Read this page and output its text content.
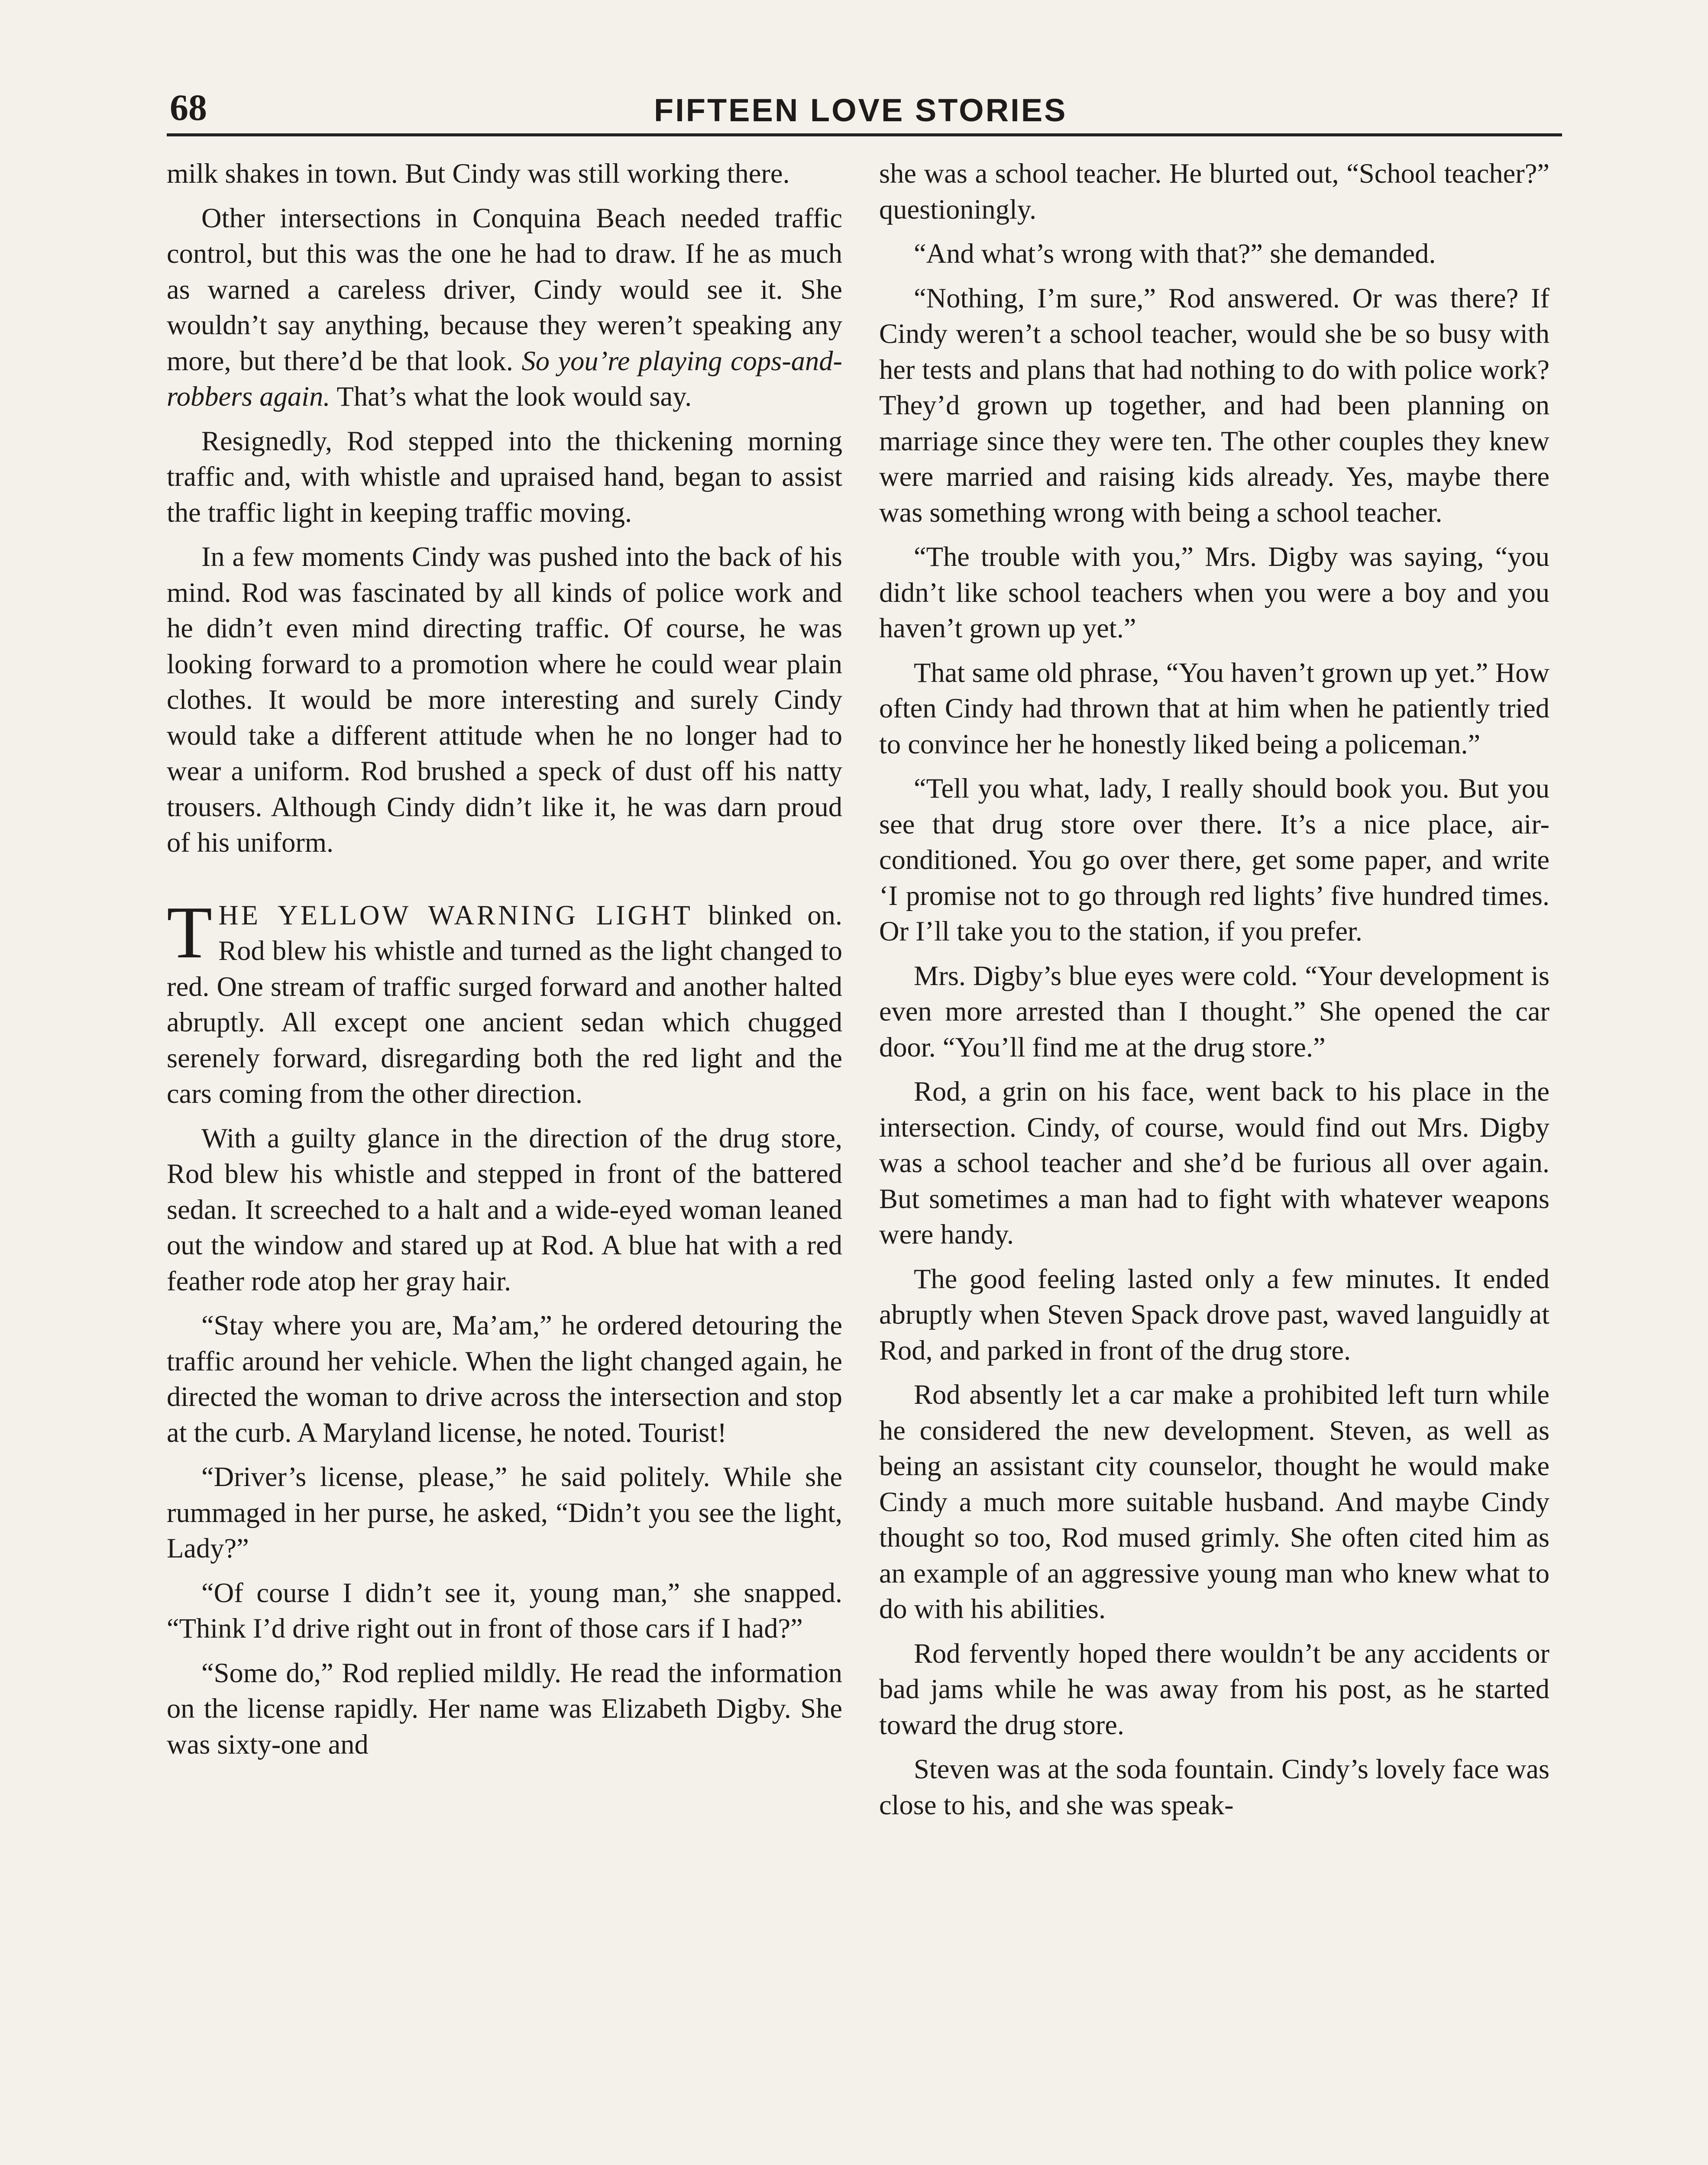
68	FIFTEEN LOVE STORIES

milk shakes in town. But Cindy was still working there.

Other intersections in Conquina Beach needed traffic control, but this was the one he had to draw. If he as much as warned a careless driver, Cindy would see it. She wouldn’t say anything, because they weren’t speaking any more, but there’d be that look. So you’re playing cops-and-robbers again. That’s what the look would say.

Resignedly, Rod stepped into the thickening morning traffic and, with whistle and upraised hand, began to assist the traffic light in keeping traffic moving.

In a few moments Cindy was pushed into the back of his mind. Rod was fascinated by all kinds of police work and he didn’t even mind directing traffic. Of course, he was looking forward to a promotion where he could wear plain clothes. It would be more interesting and surely Cindy would take a different attitude when he no longer had to wear a uniform. Rod brushed a speck of dust off his natty trousers. Although Cindy didn’t like it, he was darn proud of his uniform.

THE YELLOW WARNING LIGHT blinked on. Rod blew his whistle and turned as the light changed to red. One stream of traffic surged forward and another halted abruptly. All except one ancient sedan which chugged serenely forward, disregarding both the red light and the cars coming from the other direction.

With a guilty glance in the direction of the drug store, Rod blew his whistle and stepped in front of the battered sedan. It screeched to a halt and a wide-eyed woman leaned out the window and stared up at Rod. A blue hat with a red feather rode atop her gray hair.

“Stay where you are, Ma’am,” he ordered detouring the traffic around her vehicle. When the light changed again, he directed the woman to drive across the intersection and stop at the curb. A Maryland license, he noted. Tourist!

“Driver’s license, please,” he said politely. While she rummaged in her purse, he asked, “Didn’t you see the light, Lady?”

“Of course I didn’t see it, young man,” she snapped. “Think I’d drive right out in front of those cars if I had?”

“Some do,” Rod replied mildly. He read the information on the license rapidly. Her name was Elizabeth Digby. She was sixty-one and

she was a school teacher. He blurted out, “School teacher?” questioningly.

“And what’s wrong with that?” she demanded.

“Nothing, I’m sure,” Rod answered. Or was there? If Cindy weren’t a school teacher, would she be so busy with her tests and plans that had nothing to do with police work? They’d grown up together, and had been planning on marriage since they were ten. The other couples they knew were married and raising kids already. Yes, maybe there was something wrong with being a school teacher.

“The trouble with you,” Mrs. Digby was saying, “you didn’t like school teachers when you were a boy and you haven’t grown up yet.”

That same old phrase, “You haven’t grown up yet.” How often Cindy had thrown that at him when he patiently tried to convince her he honestly liked being a policeman.”

“Tell you what, lady, I really should book you. But you see that drug store over there. It’s a nice place, air-conditioned. You go over there, get some paper, and write ‘I promise not to go through red lights’ five hundred times. Or I’ll take you to the station, if you prefer.

Mrs. Digby’s blue eyes were cold. “Your development is even more arrested than I thought.” She opened the car door. “You’ll find me at the drug store.”

Rod, a grin on his face, went back to his place in the intersection. Cindy, of course, would find out Mrs. Digby was a school teacher and she’d be furious all over again. But sometimes a man had to fight with whatever weapons were handy.

The good feeling lasted only a few minutes. It ended abruptly when Steven Spack drove past, waved languidly at Rod, and parked in front of the drug store.

Rod absently let a car make a prohibited left turn while he considered the new development. Steven, as well as being an assistant city counselor, thought he would make Cindy a much more suitable husband. And maybe Cindy thought so too, Rod mused grimly. She often cited him as an example of an aggressive young man who knew what to do with his abilities.

Rod fervently hoped there wouldn’t be any accidents or bad jams while he was away from his post, as he started toward the drug store.

Steven was at the soda fountain. Cindy’s lovely face was close to his, and she was speak-
